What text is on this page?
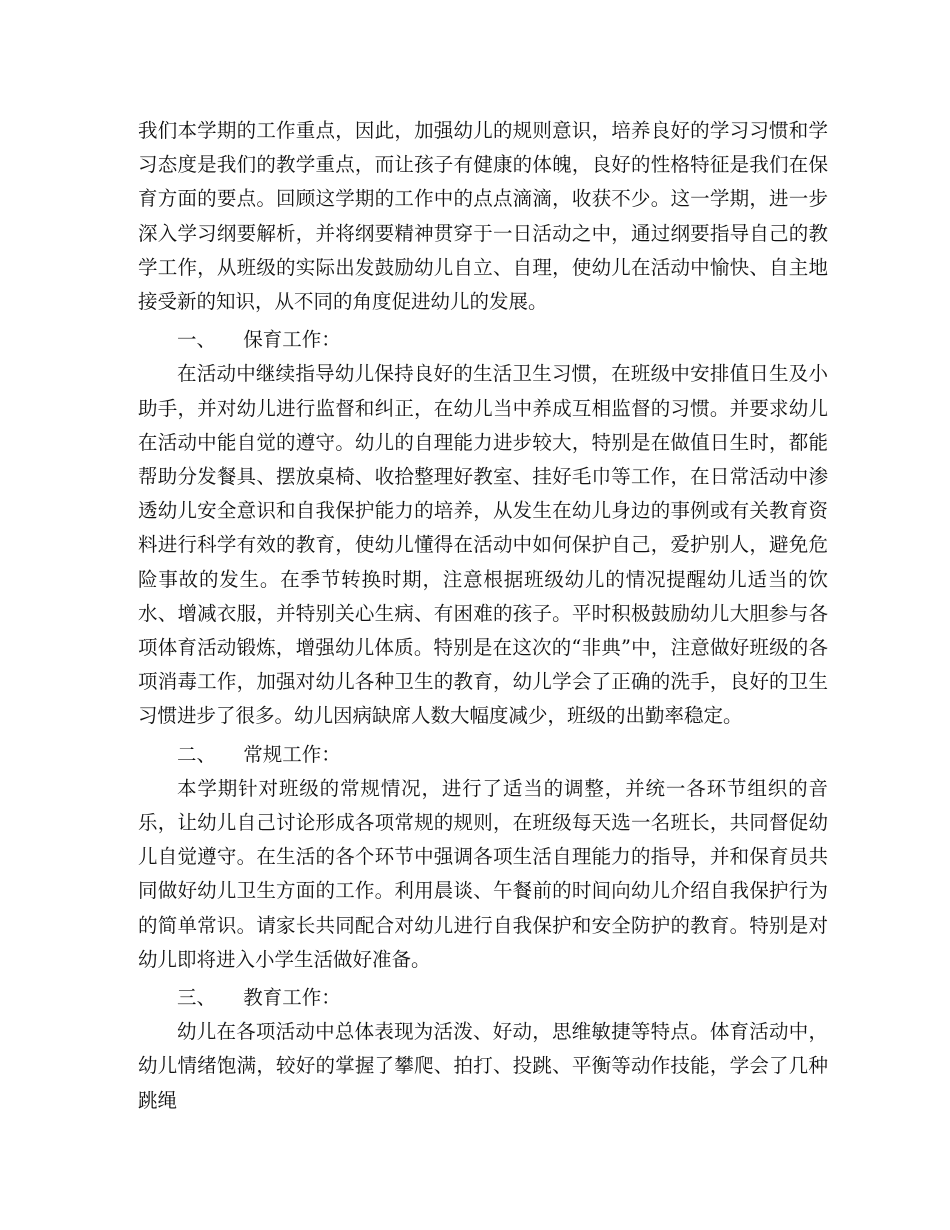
我们本学期的工作重点，因此，加强幼儿的规则意识，培养良好的学习习惯和学习态度是我们的教学重点，而让孩子有健康的体魄，良好的性格特征是我们在保育方面的要点。回顾这学期的工作中的点点滴滴，收获不少。这一学期，进一步深入学习纲要解析，并将纲要精神贯穿于一日活动之中，通过纲要指导自己的教学工作，从班级的实际出发鼓励幼儿自立、自理，使幼儿在活动中愉快、自主地接受新的知识，从不同的角度促进幼儿的发展。

一、 保育工作：

在活动中继续指导幼儿保持良好的生活卫生习惯，在班级中安排值日生及小助手，并对幼儿进行监督和纠正，在幼儿当中养成互相监督的习惯。并要求幼儿在活动中能自觉的遵守。幼儿的自理能力进步较大，特别是在做值日生时，都能帮助分发餐具、摆放桌椅、收拾整理好教室、挂好毛巾等工作，在日常活动中渗透幼儿安全意识和自我保护能力的培养，从发生在幼儿身边的事例或有关教育资料进行科学有效的教育，使幼儿懂得在活动中如何保护自己，爱护别人，避免危险事故的发生。在季节转换时期，注意根据班级幼儿的情况提醒幼儿适当的饮水、增减衣服，并特别关心生病、有困难的孩子。平时积极鼓励幼儿大胆参与各项体育活动锻炼，增强幼儿体质。特别是在这次的“非典”中，注意做好班级的各项消毒工作，加强对幼儿各种卫生的教育，幼儿学会了正确的洗手，良好的卫生习惯进步了很多。幼儿因病缺席人数大幅度减少，班级的出勤率稳定。

二、 常规工作：

本学期针对班级的常规情况，进行了适当的调整，并统一各环节组织的音乐，让幼儿自己讨论形成各项常规的规则，在班级每天选一名班长，共同督促幼儿自觉遵守。在生活的各个环节中强调各项生活自理能力的指导，并和保育员共同做好幼儿卫生方面的工作。利用晨谈、午餐前的时间向幼儿介绍自我保护行为的简单常识。请家长共同配合对幼儿进行自我保护和安全防护的教育。特别是对幼儿即将进入小学生活做好准备。

三、 教育工作：

幼儿在各项活动中总体表现为活泼、好动，思维敏捷等特点。体育活动中，幼儿情绪饱满，较好的掌握了攀爬、拍打、投跳、平衡等动作技能，学会了几种跳绳
